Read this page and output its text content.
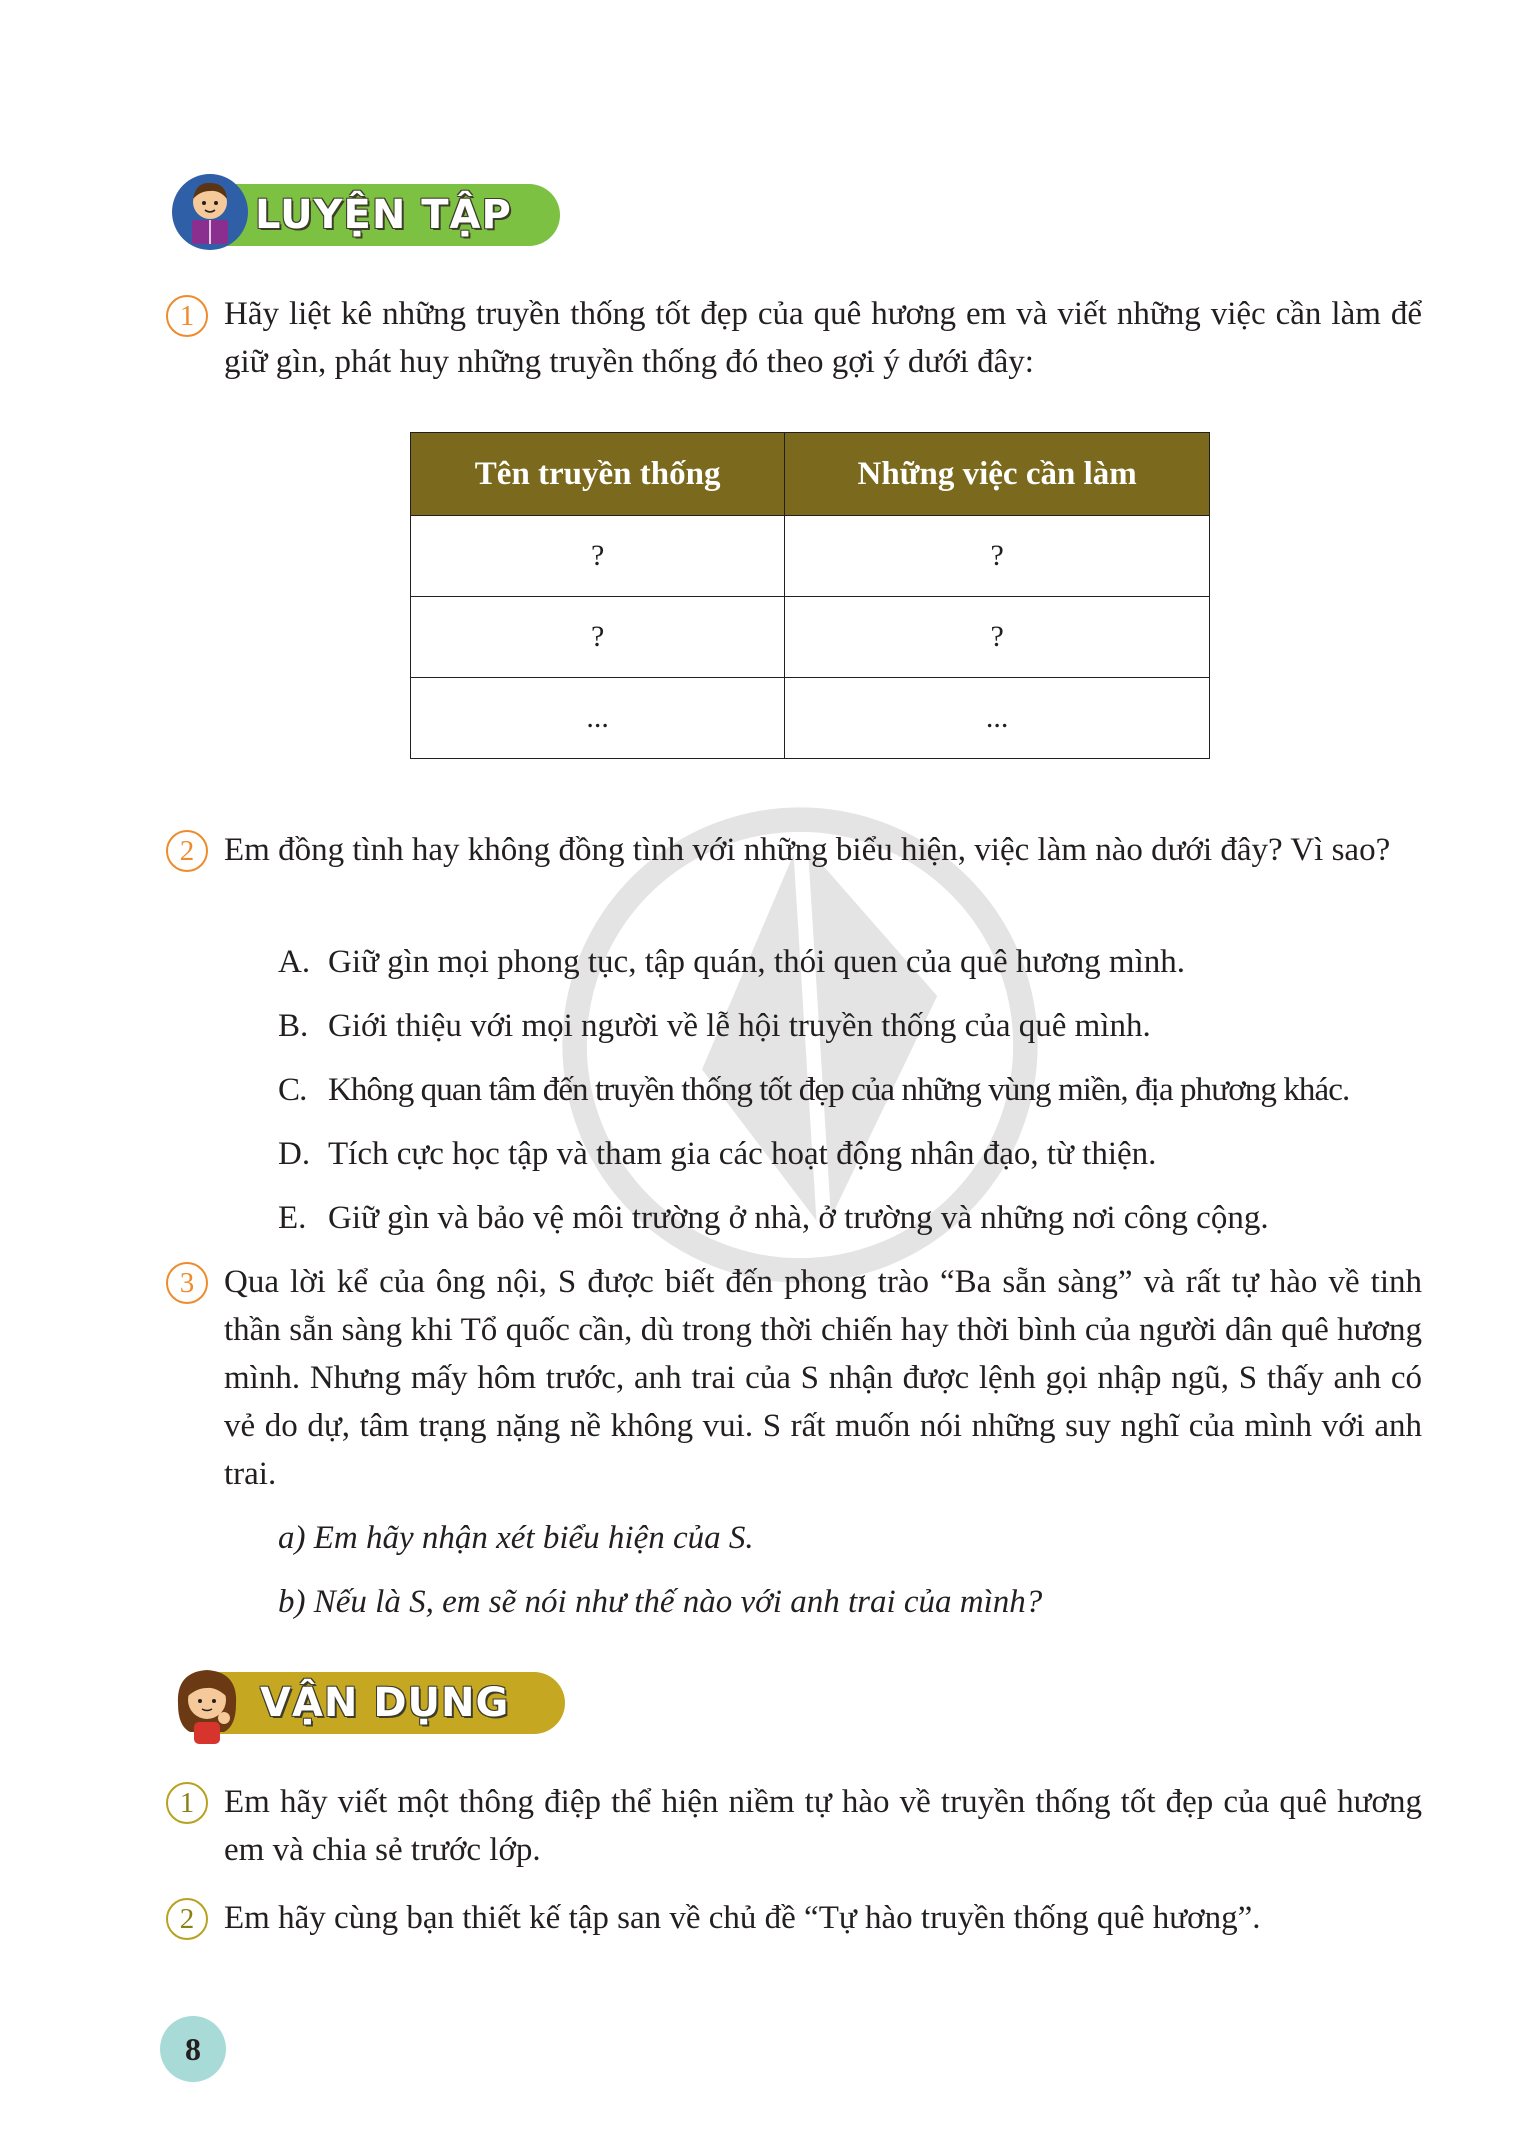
LUYỆN TẬP
1 Hãy liệt kê những truyền thống tốt đẹp của quê hương em và viết những việc cần làm để giữ gìn, phát huy những truyền thống đó theo gợi ý dưới đây:
Tên truyền thống	Những việc cần làm
?	?
?	?
...	...
2 Em đồng tình hay không đồng tình với những biểu hiện, việc làm nào dưới đây? Vì sao?
A. Giữ gìn mọi phong tục, tập quán, thói quen của quê hương mình.
B. Giới thiệu với mọi người về lễ hội truyền thống của quê mình.
C. Không quan tâm đến truyền thống tốt đẹp của những vùng miền, địa phương khác.
D. Tích cực học tập và tham gia các hoạt động nhân đạo, từ thiện.
E. Giữ gìn và bảo vệ môi trường ở nhà, ở trường và những nơi công cộng.
3 Qua lời kể của ông nội, S được biết đến phong trào “Ba sẵn sàng” và rất tự hào về tinh thần sẵn sàng khi Tổ quốc cần, dù trong thời chiến hay thời bình của người dân quê hương mình. Nhưng mấy hôm trước, anh trai của S nhận được lệnh gọi nhập ngũ, S thấy anh có vẻ do dự, tâm trạng nặng nề không vui. S rất muốn nói những suy nghĩ của mình với anh trai.
a) Em hãy nhận xét biểu hiện của S.
b) Nếu là S, em sẽ nói như thế nào với anh trai của mình?
VẬN DỤNG
1 Em hãy viết một thông điệp thể hiện niềm tự hào về truyền thống tốt đẹp của quê hương em và chia sẻ trước lớp.
2 Em hãy cùng bạn thiết kế tập san về chủ đề “Tự hào truyền thống quê hương”.
8
